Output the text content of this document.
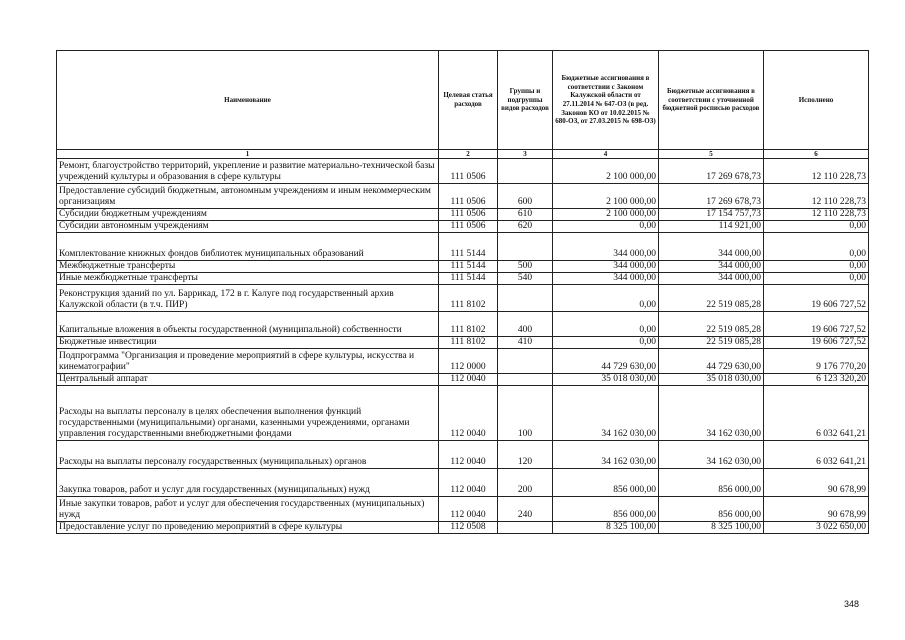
Наименование	Целевая статья расходов	Группы и подгруппы видов расходов	Бюджетные ассигнования в соответствии с Законом Калужской области от 27.11.2014 № 647-ОЗ (в ред. Законов КО от 10.02.2015 № 680-ОЗ, от 27.03.2015 № 698-ОЗ)	Бюджетные ассигнования в соответствии с уточненной бюджетной росписью расходов	Исполнено
1	2	3	4	5	6
Ремонт, благоустройство территорий, укрепление и развитие материально-технической базы учреждений культуры и образования в сфере культуры	111 0506		2 100 000,00	17 269 678,73	12 110 228,73
Предоставление субсидий бюджетным, автономным учреждениям и иным некоммерческим организациям	111 0506	600	2 100 000,00	17 269 678,73	12 110 228,73
Субсидии бюджетным учреждениям	111 0506	610	2 100 000,00	17 154 757,73	12 110 228,73
Субсидии автономным учреждениям	111 0506	620	0,00	114 921,00	0,00
Комплектование книжных фондов библиотек муниципальных образований	111 5144		344 000,00	344 000,00	0,00
Межбюджетные трансферты	111 5144	500	344 000,00	344 000,00	0,00
Иные межбюджетные трансферты	111 5144	540	344 000,00	344 000,00	0,00
Реконструкция зданий по ул. Баррикад, 172 в г. Калуге под государственный архив Калужской области (в т.ч. ПИР)	111 8102		0,00	22 519 085,28	19 606 727,52
Капитальные вложения в объекты государственной (муниципальной) собственности	111 8102	400	0,00	22 519 085,28	19 606 727,52
Бюджетные инвестиции	111 8102	410	0,00	22 519 085,28	19 606 727,52
Подпрограмма "Организация и проведение мероприятий в сфере культуры, искусства и кинематографии"	112 0000		44 729 630,00	44 729 630,00	9 176 770,20
Центральный аппарат	112 0040		35 018 030,00	35 018 030,00	6 123 320,20
Расходы на выплаты персоналу в целях обеспечения выполнения функций государственными (муниципальными) органами, казенными учреждениями, органами управления государственными внебюджетными фондами	112 0040	100	34 162 030,00	34 162 030,00	6 032 641,21
Расходы на выплаты персоналу государственных (муниципальных) органов	112 0040	120	34 162 030,00	34 162 030,00	6 032 641,21
Закупка товаров, работ и услуг для государственных (муниципальных) нужд	112 0040	200	856 000,00	856 000,00	90 678,99
Иные закупки товаров, работ и услуг для обеспечения государственных (муниципальных) нужд	112 0040	240	856 000,00	856 000,00	90 678,99
Предоставление услуг по проведению мероприятий в сфере культуры	112 0508		8 325 100,00	8 325 100,00	3 022 650,00
348
